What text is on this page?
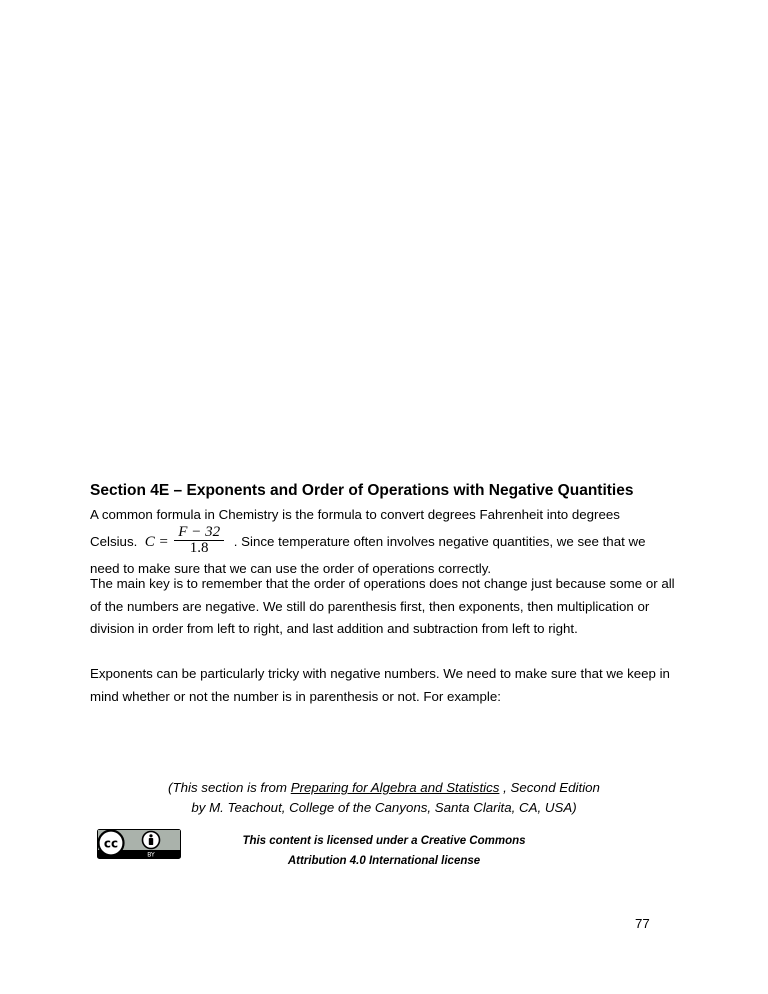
Section 4E – Exponents and Order of Operations with Negative Quantities
A common formula in Chemistry is the formula to convert degrees Fahrenheit into degrees
Celsius. $C = \frac{F - 32}{1.8}$ . Since temperature often involves negative quantities, we see that we
need to make sure that we can use the order of operations correctly.
The main key is to remember that the order of operations does not change just because some or all of the numbers are negative. We still do parenthesis first, then exponents, then multiplication or division in order from left to right, and last addition and subtraction from left to right.
Exponents can be particularly tricky with negative numbers. We need to make sure that we keep in mind whether or not the number is in parenthesis or not. For example:
(This section is from Preparing for Algebra and Statistics , Second Edition
by M. Teachout, College of the Canyons, Santa Clarita, CA, USA)
cc
BY
This content is licensed under a Creative Commons
Attribution 4.0 International license
77
